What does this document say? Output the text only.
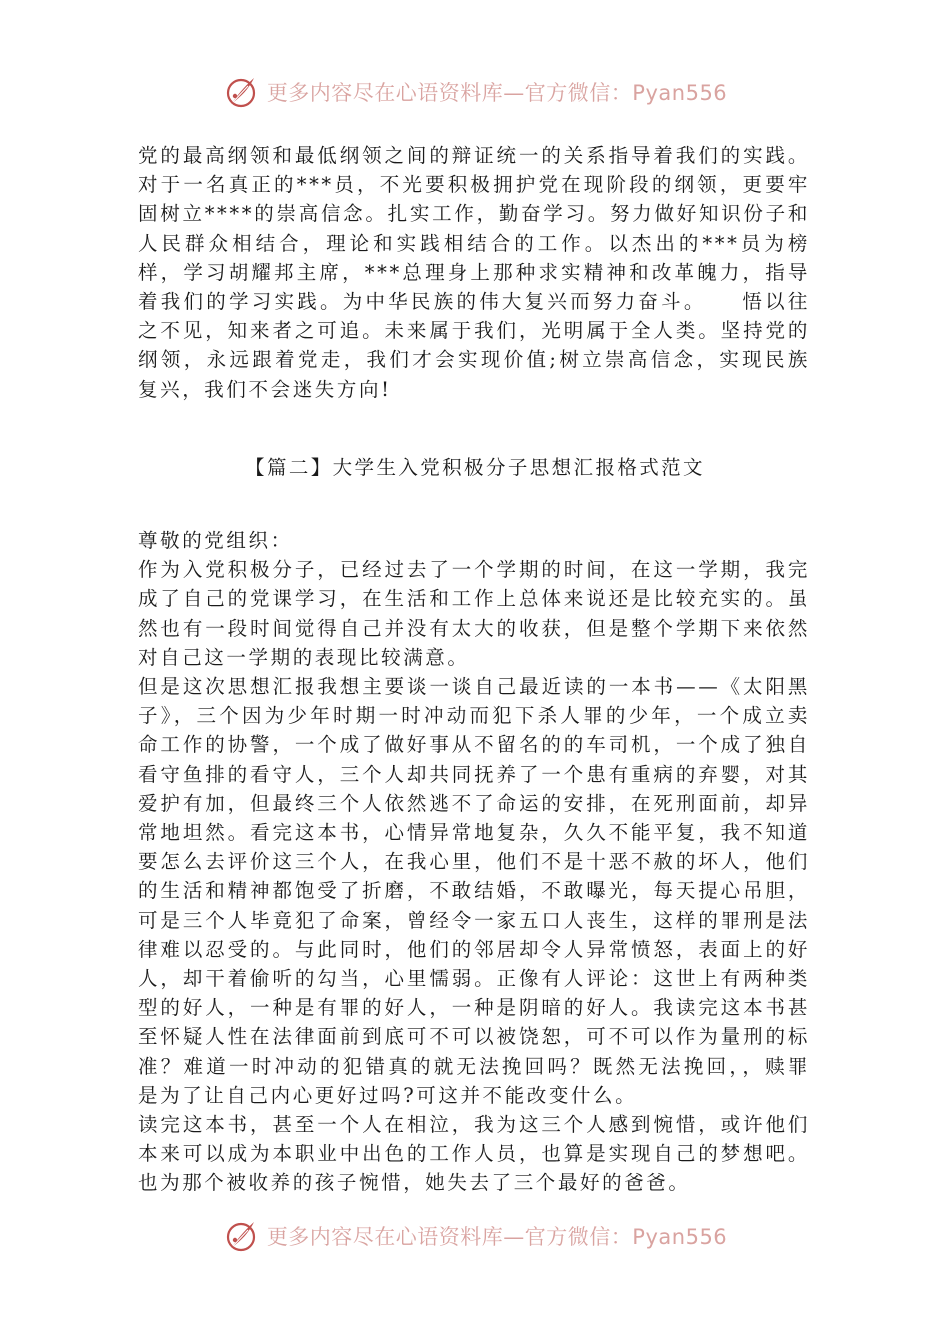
更多内容尽在心语资料库—官方微信：Pyan556

党的最高纲领和最低纲领之间的辩证统一的关系指导着我们的实践。对于一名真正的***员，不光要积极拥护党在现阶段的纲领，更要牢固树立****的崇高信念。扎实工作，勤奋学习。努力做好知识份子和人民群众相结合，理论和实践相结合的工作。以杰出的***员为榜样，学习胡耀邦主席，***总理身上那种求实精神和改革魄力，指导着我们的学习实践。为中华民族的伟大复兴而努力奋斗。　　悟以往之不见，知来者之可追。未来属于我们，光明属于全人类。坚持党的纲领，永远跟着党走，我们才会实现价值;树立崇高信念，实现民族复兴，我们不会迷失方向!

【篇二】大学生入党积极分子思想汇报格式范文

尊敬的党组织：

作为入党积极分子，已经过去了一个学期的时间，在这一学期，我完成了自己的党课学习，在生活和工作上总体来说还是比较充实的。虽然也有一段时间觉得自己并没有太大的收获，但是整个学期下来依然对自己这一学期的表现比较满意。

但是这次思想汇报我想主要谈一谈自己最近读的一本书——《太阳黑子》，三个因为少年时期一时冲动而犯下杀人罪的少年，一个成立卖命工作的协警，一个成了做好事从不留名的的车司机，一个成了独自看守鱼排的看守人，三个人却共同抚养了一个患有重病的弃婴，对其爱护有加，但最终三个人依然逃不了命运的安排，在死刑面前，却异常地坦然。看完这本书，心情异常地复杂，久久不能平复，我不知道要怎么去评价这三个人，在我心里，他们不是十恶不赦的坏人，他们的生活和精神都饱受了折磨，不敢结婚，不敢曝光，每天提心吊胆，可是三个人毕竟犯了命案，曾经令一家五口人丧生，这样的罪刑是法律难以忍受的。与此同时，他们的邻居却令人异常愤怒，表面上的好人，却干着偷听的勾当，心里懦弱。正像有人评论：这世上有两种类型的好人，一种是有罪的好人，一种是阴暗的好人。我读完这本书甚至怀疑人性在法律面前到底可不可以被饶恕，可不可以作为量刑的标准？难道一时冲动的犯错真的就无法挽回吗？既然无法挽回，，赎罪是为了让自己内心更好过吗?可这并不能改变什么。

读完这本书，甚至一个人在相泣，我为这三个人感到惋惜，或许他们本来可以成为本职业中出色的工作人员，也算是实现自己的梦想吧。也为那个被收养的孩子惋惜，她失去了三个最好的爸爸。

更多内容尽在心语资料库—官方微信：Pyan556
